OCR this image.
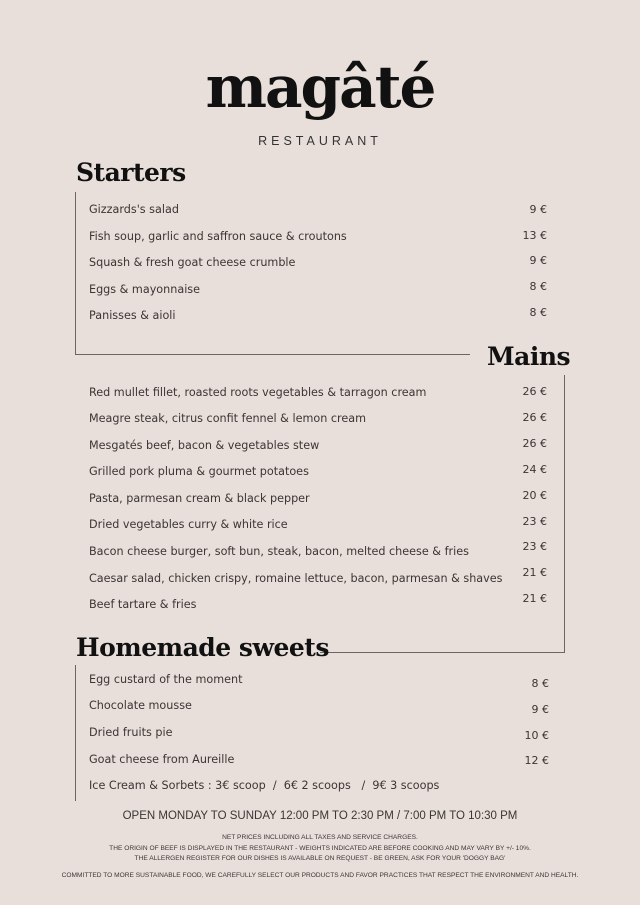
magâté
RESTAURANT
Starters
Gizzards's salad	9 €
Fish soup, garlic and saffron sauce & croutons	13 €
Squash & fresh goat cheese crumble	9 €
Eggs & mayonnaise	8 €
Panisses & aioli	8 €
Mains
Red mullet fillet, roasted roots vegetables & tarragon cream	26 €
Meagre steak, citrus confit fennel & lemon cream	26 €
Mesgatés beef, bacon & vegetables stew	26 €
Grilled pork pluma & gourmet potatoes	24 €
Pasta, parmesan cream & black pepper	20 €
Dried vegetables curry & white rice	23 €
Bacon cheese burger, soft bun, steak, bacon, melted cheese & fries	23 €
Caesar salad, chicken crispy, romaine lettuce, bacon, parmesan & shaves	21 €
Beef tartare & fries	21 €
Homemade sweets
Egg custard of the moment	8 €
Chocolate mousse	9 €
Dried fruits pie	10 €
Goat cheese from Aureille	12 €
Ice Cream & Sorbets : 3€ scoop  /  6€ 2 scoops   /  9€ 3 scoops
OPEN MONDAY TO SUNDAY 12:00 PM TO 2:30 PM / 7:00 PM TO 10:30 PM
NET PRICES INCLUDING ALL TAXES AND SERVICE CHARGES.
THE ORIGIN OF BEEF IS DISPLAYED IN THE RESTAURANT - WEIGHTS INDICATED ARE BEFORE COOKING AND MAY VARY BY +/- 10%.
THE ALLERGEN REGISTER FOR OUR DISHES IS AVAILABLE ON REQUEST - BE GREEN, ASK FOR YOUR 'DOGGY BAG'
COMMITTED TO MORE SUSTAINABLE FOOD, WE CAREFULLY SELECT OUR PRODUCTS AND FAVOR PRACTICES THAT RESPECT THE ENVIRONMENT AND HEALTH.
